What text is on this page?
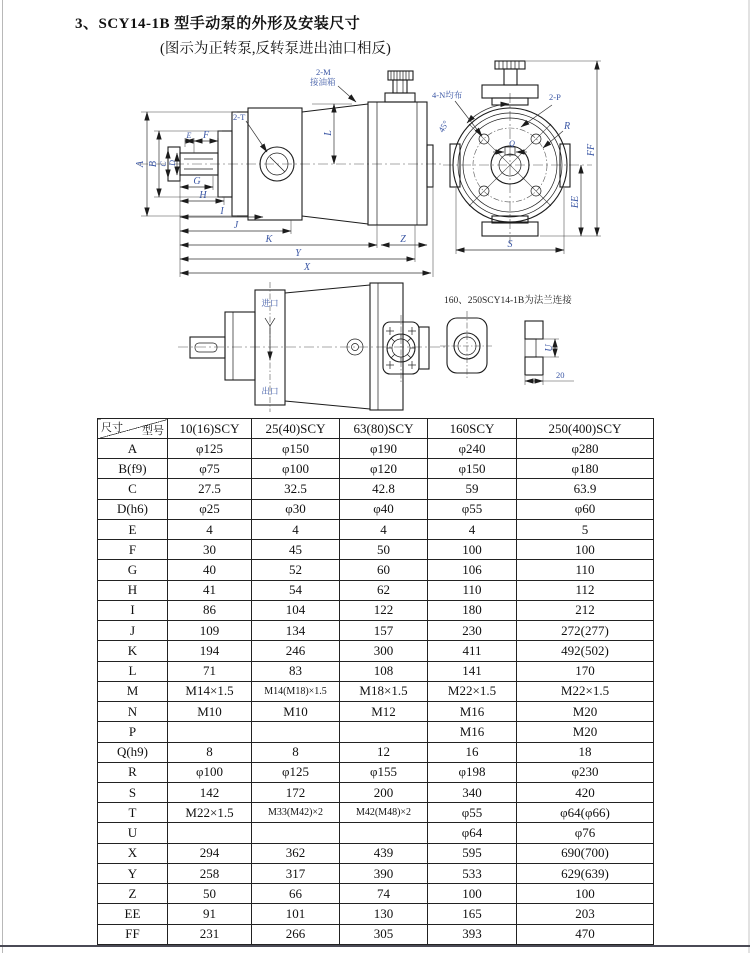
3、SCY14-1B 型手动泵的外形及安装尺寸
(图示为正转泵,反转泵进出油口相反)
A B C D
E F
G
H
I
J
K	Z
Y
X
L
2-M
接油箱
2-T
Q
45°
4-N均布	2-P
R
FF
EE
S
进口
出口
160、250SCY14-1B为法兰连接
U
20
尺寸 型号	10(16)SCY	25(40)SCY	63(80)SCY	160SCY	250(400)SCY
A	φ125	φ150	φ190	φ240	φ280
B(f9)	φ75	φ100	φ120	φ150	φ180
C	27.5	32.5	42.8	59	63.9
D(h6)	φ25	φ30	φ40	φ55	φ60
E	4	4	4	4	5
F	30	45	50	100	100
G	40	52	60	106	110
H	41	54	62	110	112
I	86	104	122	180	212
J	109	134	157	230	272(277)
K	194	246	300	411	492(502)
L	71	83	108	141	170
M	M14×1.5	M14(M18)×1.5	M18×1.5	M22×1.5	M22×1.5
N	M10	M10	M12	M16	M20
P				M16	M20
Q(h9)	8	8	12	16	18
R	φ100	φ125	φ155	φ198	φ230
S	142	172	200	340	420
T	M22×1.5	M33(M42)×2	M42(M48)×2	φ55	φ64(φ66)
U				φ64	φ76
X	294	362	439	595	690(700)
Y	258	317	390	533	629(639)
Z	50	66	74	100	100
EE	91	101	130	165	203
FF	231	266	305	393	470
